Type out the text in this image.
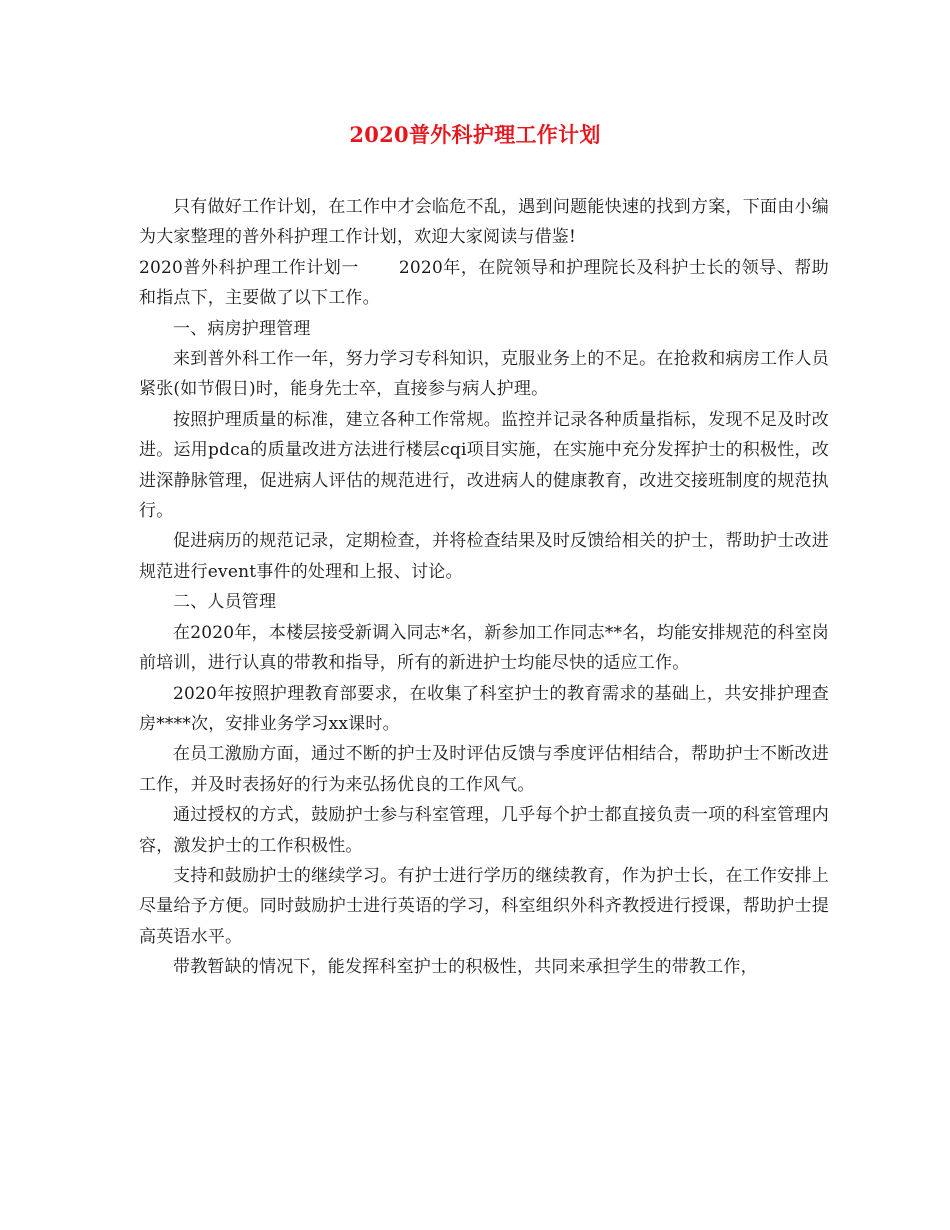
2020普外科护理工作计划

只有做好工作计划，在工作中才会临危不乱，遇到问题能快速的找到方案，下面由小编为大家整理的普外科护理工作计划，欢迎大家阅读与借鉴!

2020普外科护理工作计划一 2020年，在院领导和护理院长及科护士长的领导、帮助和指点下，主要做了以下工作。

一、病房护理管理

来到普外科工作一年，努力学习专科知识，克服业务上的不足。在抢救和病房工作人员紧张(如节假日)时，能身先士卒，直接参与病人护理。

按照护理质量的标准，建立各种工作常规。监控并记录各种质量指标，发现不足及时改进。运用pdca的质量改进方法进行楼层cqi项目实施，在实施中充分发挥护士的积极性，改进深静脉管理，促进病人评估的规范进行，改进病人的健康教育，改进交接班制度的规范执行。

促进病历的规范记录，定期检查，并将检查结果及时反馈给相关的护士，帮助护士改进规范进行event事件的处理和上报、讨论。

二、人员管理

在2020年，本楼层接受新调入同志*名，新参加工作同志**名，均能安排规范的科室岗前培训，进行认真的带教和指导，所有的新进护士均能尽快的适应工作。

2020年按照护理教育部要求，在收集了科室护士的教育需求的基础上，共安排护理查房****次，安排业务学习xx课时。

在员工激励方面，通过不断的护士及时评估反馈与季度评估相结合，帮助护士不断改进工作，并及时表扬好的行为来弘扬优良的工作风气。

通过授权的方式，鼓励护士参与科室管理，几乎每个护士都直接负责一项的科室管理内容，激发护士的工作积极性。

支持和鼓励护士的继续学习。有护士进行学历的继续教育，作为护士长，在工作安排上尽量给予方便。同时鼓励护士进行英语的学习，科室组织外科齐教授进行授课，帮助护士提高英语水平。

带教暂缺的情况下，能发挥科室护士的积极性，共同来承担学生的带教工作，
